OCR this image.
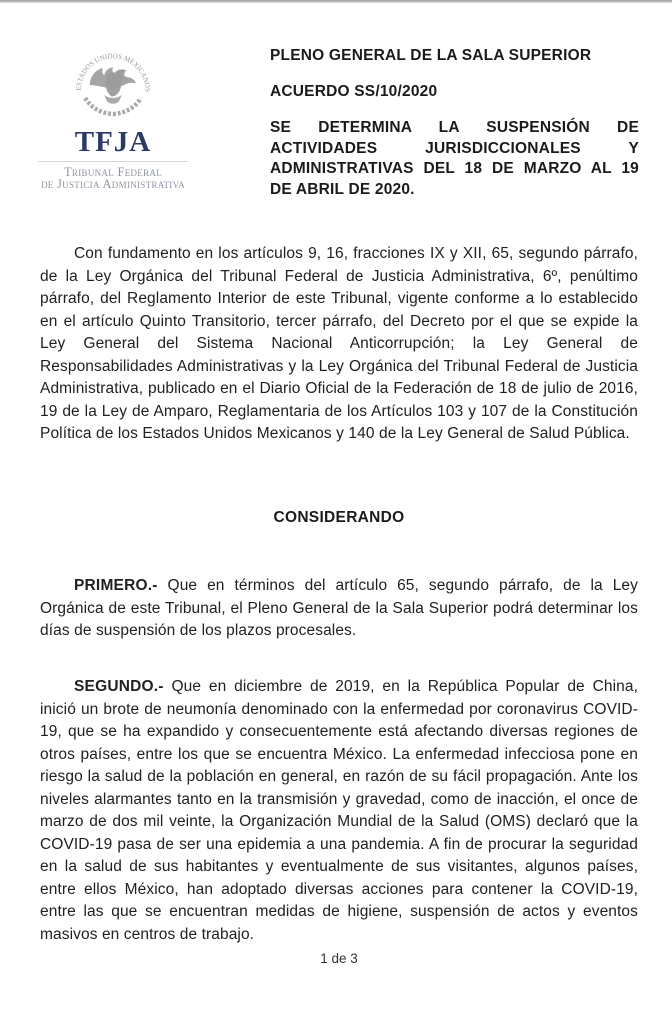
ESTADOS UNIDOS MEXICANOS
TFJA
Tribunal Federal
de Justicia Administrativa

PLENO GENERAL DE LA SALA SUPERIOR

ACUERDO SS/10/2020

SE DETERMINA LA SUSPENSIÓN DE
ACTIVIDADES JURISDICCIONALES Y
ADMINISTRATIVAS DEL 18 DE MARZO AL 19
DE ABRIL DE 2020.

Con fundamento en los artículos 9, 16, fracciones IX y XII, 65, segundo párrafo, de la Ley Orgánica del Tribunal Federal de Justicia Administrativa, 6º, penúltimo párrafo, del Reglamento Interior de este Tribunal, vigente conforme a lo establecido en el artículo Quinto Transitorio, tercer párrafo, del Decreto por el que se expide la Ley General del Sistema Nacional Anticorrupción; la Ley General de Responsabilidades Administrativas y la Ley Orgánica del Tribunal Federal de Justicia Administrativa, publicado en el Diario Oficial de la Federación de 18 de julio de 2016, 19 de la Ley de Amparo, Reglamentaria de los Artículos 103 y 107 de la Constitución Política de los Estados Unidos Mexicanos y 140 de la Ley General de Salud Pública.

CONSIDERANDO

PRIMERO.- Que en términos del artículo 65, segundo párrafo, de la Ley Orgánica de este Tribunal, el Pleno General de la Sala Superior podrá determinar los días de suspensión de los plazos procesales.

SEGUNDO.- Que en diciembre de 2019, en la República Popular de China, inició un brote de neumonía denominado con la enfermedad por coronavirus COVID-19, que se ha expandido y consecuentemente está afectando diversas regiones de otros países, entre los que se encuentra México. La enfermedad infecciosa pone en riesgo la salud de la población en general, en razón de su fácil propagación. Ante los niveles alarmantes tanto en la transmisión y gravedad, como de inacción, el once de marzo de dos mil veinte, la Organización Mundial de la Salud (OMS) declaró que la COVID-19 pasa de ser una epidemia a una pandemia. A fin de procurar la seguridad en la salud de sus habitantes y eventualmente de sus visitantes, algunos países, entre ellos México, han adoptado diversas acciones para contener la COVID-19, entre las que se encuentran medidas de higiene, suspensión de actos y eventos masivos en centros de trabajo.

1 de 3
